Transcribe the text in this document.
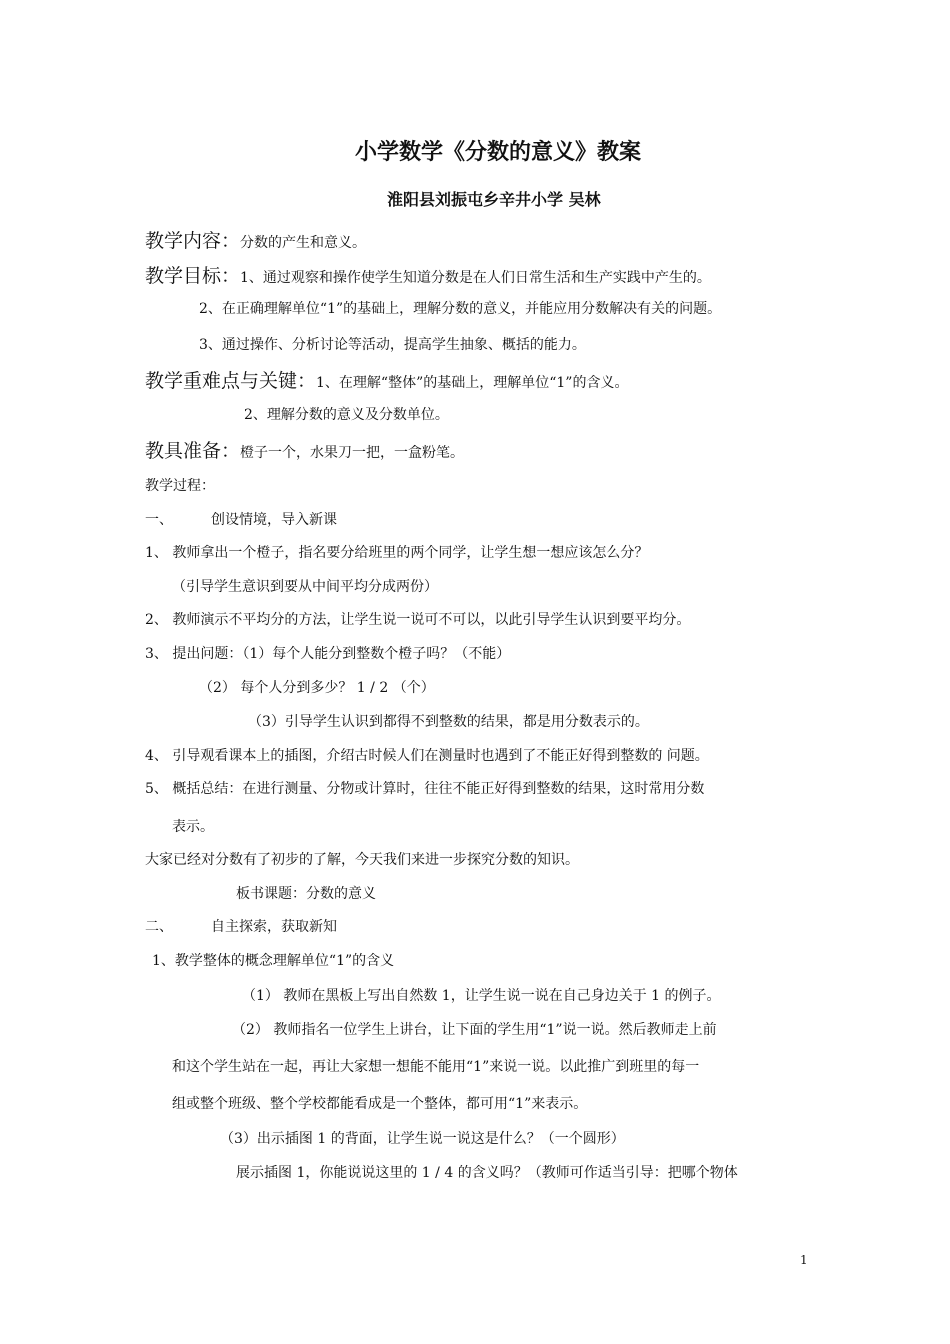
小学数学《分数的意义》教案
淮阳县刘振屯乡辛井小学 吴林
教学内容：分数的产生和意义。
教学目标：1、通过观察和操作使学生知道分数是在人们日常生活和生产实践中产生的。
2、在正确理解单位“1”的基础上，理解分数的意义，并能应用分数解决有关的问题。
3、通过操作、分析讨论等活动，提高学生抽象、概括的能力。
教学重难点与关键：1、在理解“整体”的基础上，理解单位“1”的含义。
2、理解分数的意义及分数单位。
教具准备：橙子一个，水果刀一把，一盒粉笔。
教学过程：
一、	创设情境，导入新课
1、 教师拿出一个橙子，指名要分给班里的两个同学，让学生想一想应该怎么分？
（引导学生意识到要从中间平均分成两份）
2、 教师演示不平均分的方法，让学生说一说可不可以，以此引导学生认识到要平均分。
3、 提出问题：（1）每个人能分到整数个橙子吗？（不能）
（2） 每个人分到多少？ 1 / 2 （个）
（3）引导学生认识到都得不到整数的结果，都是用分数表示的。
4、 引导观看课本上的插图，介绍古时候人们在测量时也遇到了不能正好得到整数的 问题。
5、 概括总结：在进行测量、分物或计算时，往往不能正好得到整数的结果，这时常用分数
表示。
大家已经对分数有了初步的了解，今天我们来进一步探究分数的知识。
板书课题：分数的意义
二、	自主探索，获取新知
1、教学整体的概念理解单位“1”的含义
（1） 教师在黑板上写出自然数 1，让学生说一说在自己身边关于 1 的例子。
（2） 教师指名一位学生上讲台，让下面的学生用“1”说一说。然后教师走上前
和这个学生站在一起，再让大家想一想能不能用“1”来说一说。以此推广到班里的每一
组或整个班级、整个学校都能看成是一个整体，都可用“1”来表示。
（3）出示插图 1 的背面，让学生说一说这是什么？（一个圆形）
展示插图 1，你能说说这里的 1 / 4 的含义吗？（教师可作适当引导：把哪个物体
1
